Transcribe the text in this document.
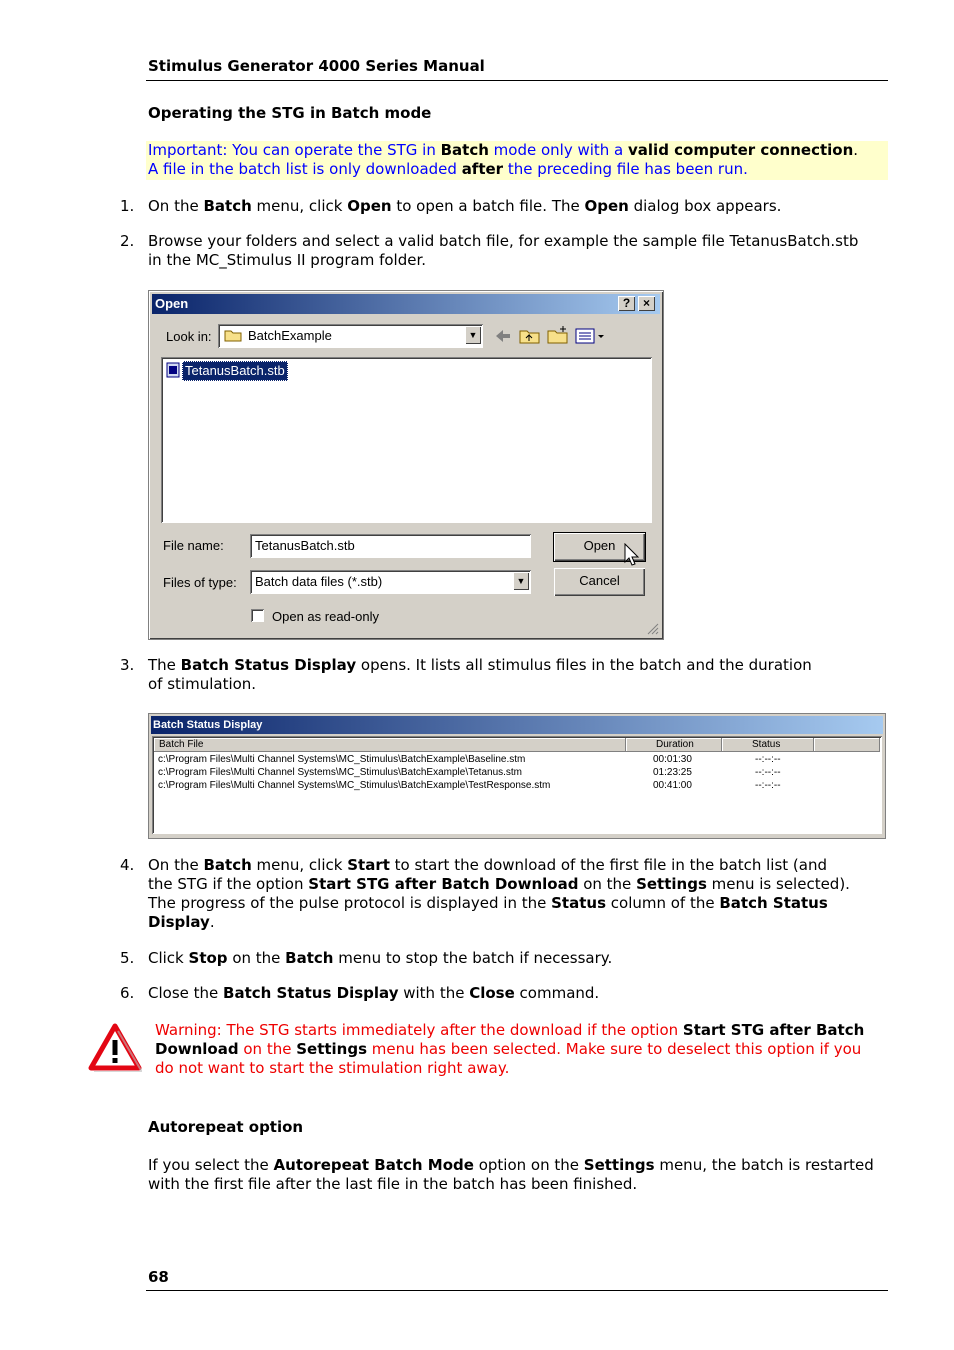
Stimulus Generator 4000 Series Manual
Operating the STG in Batch mode
Important: You can operate the STG in Batch mode only with a valid computer connection.
A file in the batch list is only downloaded after the preceding file has been run.
1. On the Batch menu, click Open to open a batch file. The Open dialog box appears.
2. Browse your folders and select a valid batch file, for example the sample file TetanusBatch.stb
in the MC_Stimulus II program folder.
Open	?	×
Look in:	BatchExample	▼
TetanusBatch.stb
File name: TetanusBatch.stb
Files of type: Batch data files (*.stb)	▼
Open
Cancel
Open as read-only
3. The Batch Status Display opens. It lists all stimulus files in the batch and the duration
of stimulation.
Batch Status Display
Batch File	Duration	Status
c:\Program Files\Multi Channel Systems\MC_Stimulus\BatchExample\Baseline.stm	00:01:30	--:--:--
c:\Program Files\Multi Channel Systems\MC_Stimulus\BatchExample\Tetanus.stm	01:23:25	--:--:--
c:\Program Files\Multi Channel Systems\MC_Stimulus\BatchExample\TestResponse.stm	00:41:00	--:--:--
4. On the Batch menu, click Start to start the download of the first file in the batch list (and
the STG if the option Start STG after Batch Download on the Settings menu is selected).
The progress of the pulse protocol is displayed in the Status column of the Batch Status
Display.
5. Click Stop on the Batch menu to stop the batch if necessary.
6. Close the Batch Status Display with the Close command.
Warning: The STG starts immediately after the download if the option Start STG after Batch
Download on the Settings menu has been selected. Make sure to deselect this option if you
do not want to start the stimulation right away.
Autorepeat option
If you select the Autorepeat Batch Mode option on the Settings menu, the batch is restarted
with the first file after the last file in the batch has been finished.
68
